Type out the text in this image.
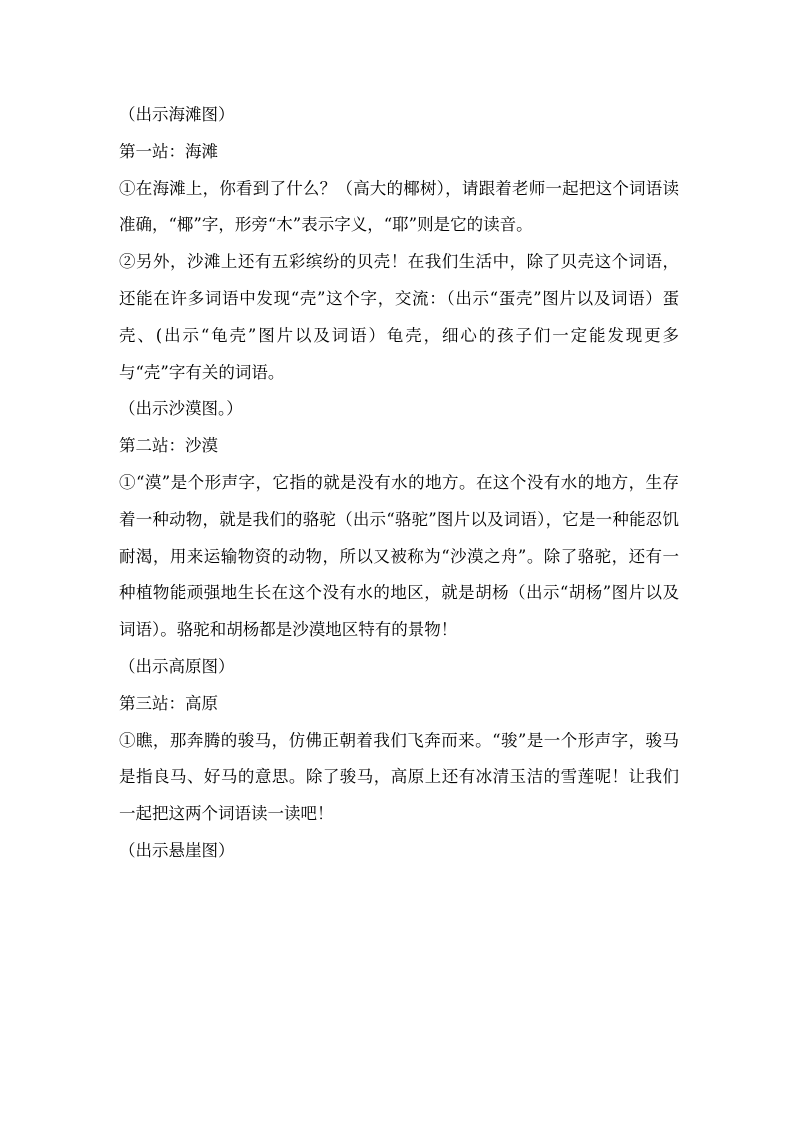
（出示海滩图）

第一站：海滩

①在海滩上，你看到了什么？（高大的椰树），请跟着老师一起把这个词语读准确，“椰”字，形旁“木”表示字义，“耶”则是它的读音。

②另外，沙滩上还有五彩缤纷的贝壳！在我们生活中，除了贝壳这个词语，还能在许多词语中发现“壳”这个字，交流：（出示“蛋壳”图片以及词语）蛋壳、(出示“龟壳”图片以及词语）龟壳，细心的孩子们一定能发现更多与“壳”字有关的词语。

（出示沙漠图。）

第二站：沙漠

①“漠”是个形声字，它指的就是没有水的地方。在这个没有水的地方，生存着一种动物，就是我们的骆驼（出示“骆驼”图片以及词语），它是一种能忍饥耐渴，用来运输物资的动物，所以又被称为“沙漠之舟”。除了骆驼，还有一种植物能顽强地生长在这个没有水的地区，就是胡杨（出示“胡杨”图片以及词语）。骆驼和胡杨都是沙漠地区特有的景物！

（出示高原图）

第三站：高原

①瞧，那奔腾的骏马，仿佛正朝着我们飞奔而来。“骏”是一个形声字，骏马是指良马、好马的意思。除了骏马，高原上还有冰清玉洁的雪莲呢！让我们一起把这两个词语读一读吧！

（出示悬崖图）
